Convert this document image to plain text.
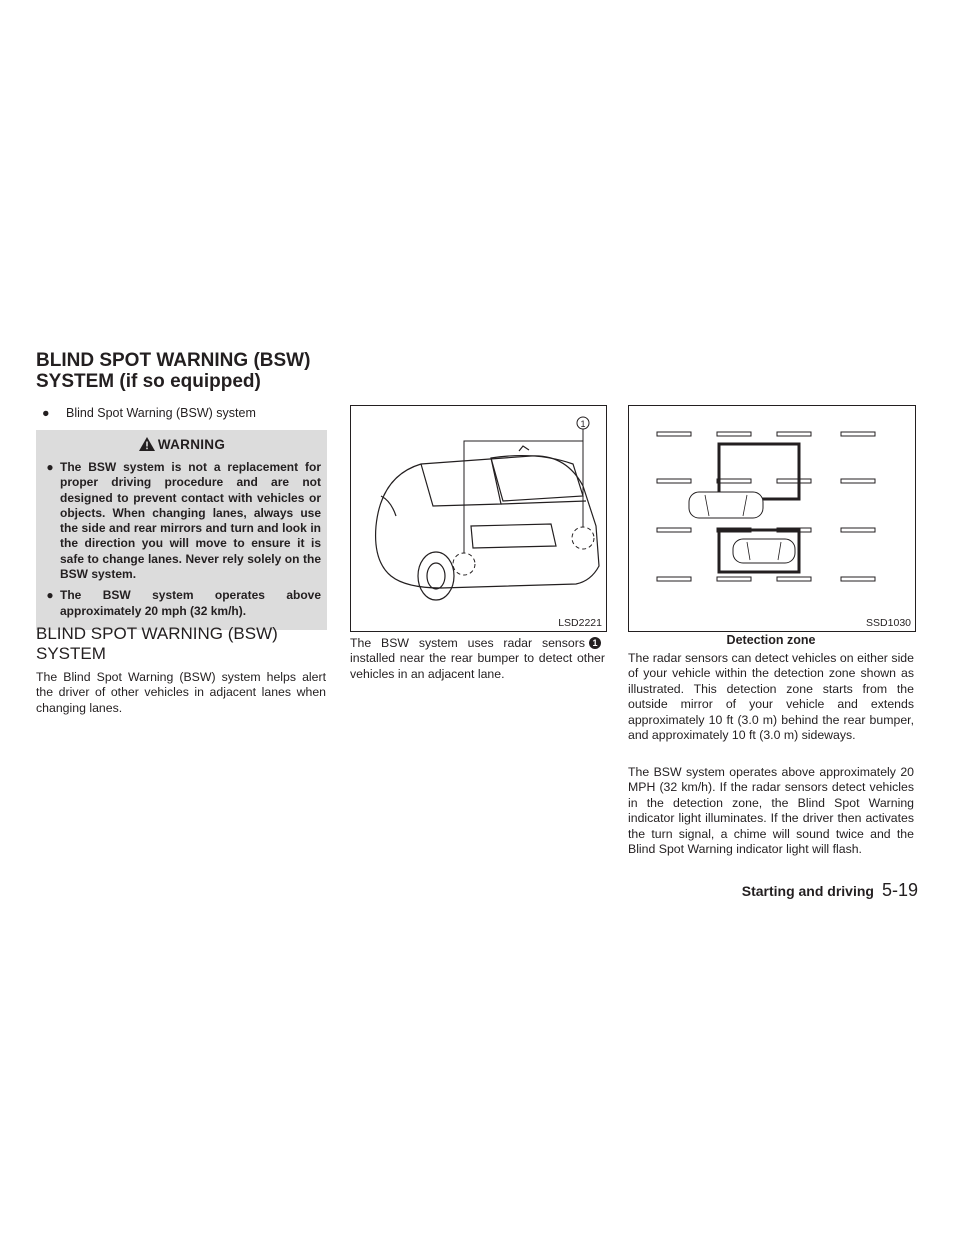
BLIND SPOT WARNING (BSW) SYSTEM (if so equipped)
●	Blind Spot Warning (BSW) system
WARNING
● The BSW system is not a replacement for proper driving procedure and are not designed to prevent contact with vehicles or objects. When changing lanes, always use the side and rear mirrors and turn and look in the direction you will move to ensure it is safe to change lanes. Never rely solely on the BSW system.
● The BSW system operates above approximately 20 mph (32 km/h).
BLIND SPOT WARNING (BSW) SYSTEM
The Blind Spot Warning (BSW) system helps alert the driver of other vehicles in adjacent lanes when changing lanes.
1
LSD2221
The BSW system uses radar sensors 1installed near the rear bumper to detect other vehicles in an adjacent lane.
SSD1030
Detection zone
The radar sensors can detect vehicles on either side of your vehicle within the detection zone shown as illustrated. This detection zone starts from the outside mirror of your vehicle and extends approximately 10 ft (3.0 m) behind the rear bumper, and approximately 10 ft (3.0 m) sideways.
The BSW system operates above approximately 20 MPH (32 km/h). If the radar sensors detect vehicles in the detection zone, the Blind Spot Warning indicator light illuminates. If the driver then activates the turn signal, a chime will sound twice and the Blind Spot Warning indicator light will flash.
Starting and driving 5-19
